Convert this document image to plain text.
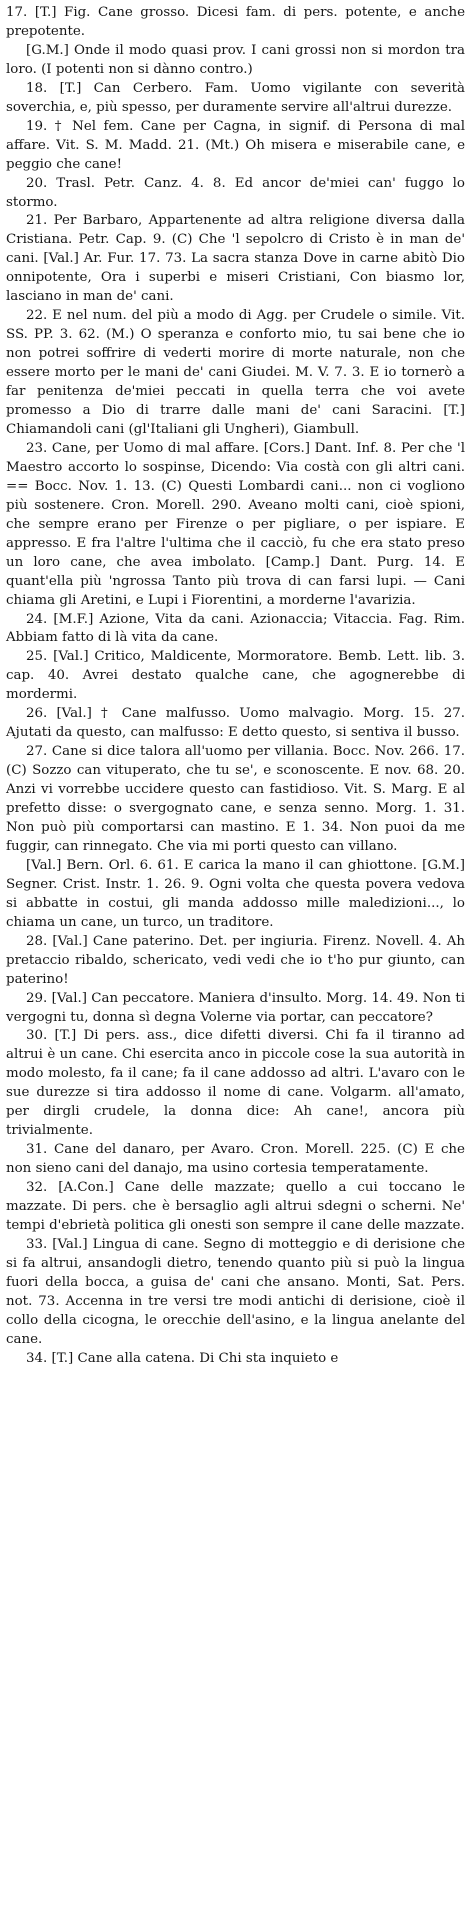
17. [T.] Fig. Cane grosso. Dicesi fam. di pers. potente, e anche prepotente.

[G.M.] Onde il modo quasi prov. I cani grossi non si mordon tra loro. (I potenti non si dànno contro.)

18. [T.] Can Cerbero. Fam. Uomo vigilante con severità soverchia, e, più spesso, per duramente servire all'altrui durezze.

19. † Nel fem. Cane per Cagna, in signif. di Persona di mal affare. Vit. S. M. Madd. 21. (Mt.) Oh misera e miserabile cane, e peggio che cane!

20. Trasl. Petr. Canz. 4. 8. Ed ancor de'miei can' fuggo lo stormo.

21. Per Barbaro, Appartenente ad altra religione diversa dalla Cristiana. Petr. Cap. 9. (C) Che 'l sepolcro di Cristo è in man de' cani. [Val.] Ar. Fur. 17. 73. La sacra stanza Dove in carne abitò Dio onnipotente, Ora i superbi e miseri Cristiani, Con biasmo lor, lasciano in man de' cani.

22. E nel num. del più a modo di Agg. per Crudele o simile. Vit. SS. PP. 3. 62. (M.) O speranza e conforto mio, tu sai bene che io non potrei soffrire di vederti morire di morte naturale, non che essere morto per le mani de' cani Giudei. M. V. 7. 3. E io tornerò a far penitenza de'miei peccati in quella terra che voi avete promesso a Dio di trarre dalle mani de' cani Saracini. [T.] Chiamandoli cani (gl'Italiani gli Ungheri), Giambull.

23. Cane, per Uomo di mal affare. [Cors.] Dant. Inf. 8. Per che 'l Maestro accorto lo sospinse, Dicendo: Via costà con gli altri cani. == Bocc. Nov. 1. 13. (C) Questi Lombardi cani... non ci vogliono più sostenere. Cron. Morell. 290. Aveano molti cani, cioè spioni, che sempre erano per Firenze o per pigliare, o per ispiare. E appresso. E fra l'altre l'ultima che il cacciò, fu che era stato preso un loro cane, che avea imbolato. [Camp.] Dant. Purg. 14. E quant'ella più 'ngrossa Tanto più trova di can farsi lupi. — Cani chiama gli Aretini, e Lupi i Fiorentini, a morderne l'avarizia.

24. [M.F.] Azione, Vita da cani. Azionaccia; Vitaccia. Fag. Rim. Abbiam fatto di là vita da cane.

25. [Val.] Critico, Maldicente, Mormoratore. Bemb. Lett. lib. 3. cap. 40. Avrei destato qualche cane, che agognerebbe di mordermi.

26. [Val.] † Cane malfusso. Uomo malvagio. Morg. 15. 27. Ajutati da questo, can malfusso: E detto questo, si sentiva il busso.

27. Cane si dice talora all'uomo per villania. Bocc. Nov. 266. 17. (C) Sozzo can vituperato, che tu se', e sconoscente. E nov. 68. 20. Anzi vi vorrebbe uccidere questo can fastidioso. Vit. S. Marg. E al prefetto disse: o svergognato cane, e senza senno. Morg. 1. 31. Non può più comportarsi can mastino. E 1. 34. Non puoi da me fuggir, can rinnegato. Che via mi porti questo can villano.

[Val.] Bern. Orl. 6. 61. E carica la mano il can ghiottone. [G.M.] Segner. Crist. Instr. 1. 26. 9. Ogni volta che questa povera vedova si abbatte in costui, gli manda addosso mille maledizioni..., lo chiama un cane, un turco, un traditore.

28. [Val.] Cane paterino. Det. per ingiuria. Firenz. Novell. 4. Ah pretaccio ribaldo, schericato, vedi vedi che io t'ho pur giunto, can paterino!

29. [Val.] Can peccatore. Maniera d'insulto. Morg. 14. 49. Non ti vergogni tu, donna sì degna Volerne via portar, can peccatore?

30. [T.] Di pers. ass., dice difetti diversi. Chi fa il tiranno ad altrui è un cane. Chi esercita anco in piccole cose la sua autorità in modo molesto, fa il cane; fa il cane addosso ad altri. L'avaro con le sue durezze si tira addosso il nome di cane. Volgarm. all'amato, per dirgli crudele, la donna dice: Ah cane!, ancora più trivialmente.

31. Cane del danaro, per Avaro. Cron. Morell. 225. (C) E che non sieno cani del danajo, ma usino cortesia temperatamente.

32. [A.Con.] Cane delle mazzate; quello a cui toccano le mazzate. Di pers. che è bersaglio agli altrui sdegni o scherni. Ne' tempi d'ebrietà politica gli onesti son sempre il cane delle mazzate.

33. [Val.] Lingua di cane. Segno di motteggio e di derisione che si fa altrui, ansandogli dietro, tenendo quanto più si può la lingua fuori della bocca, a guisa de' cani che ansano. Monti, Sat. Pers. not. 73. Accenna in tre versi tre modi antichi di derisione, cioè il collo della cicogna, le orecchie dell'asino, e la lingua anelante del cane.

34. [T.] Cane alla catena. Di Chi sta inquieto e
